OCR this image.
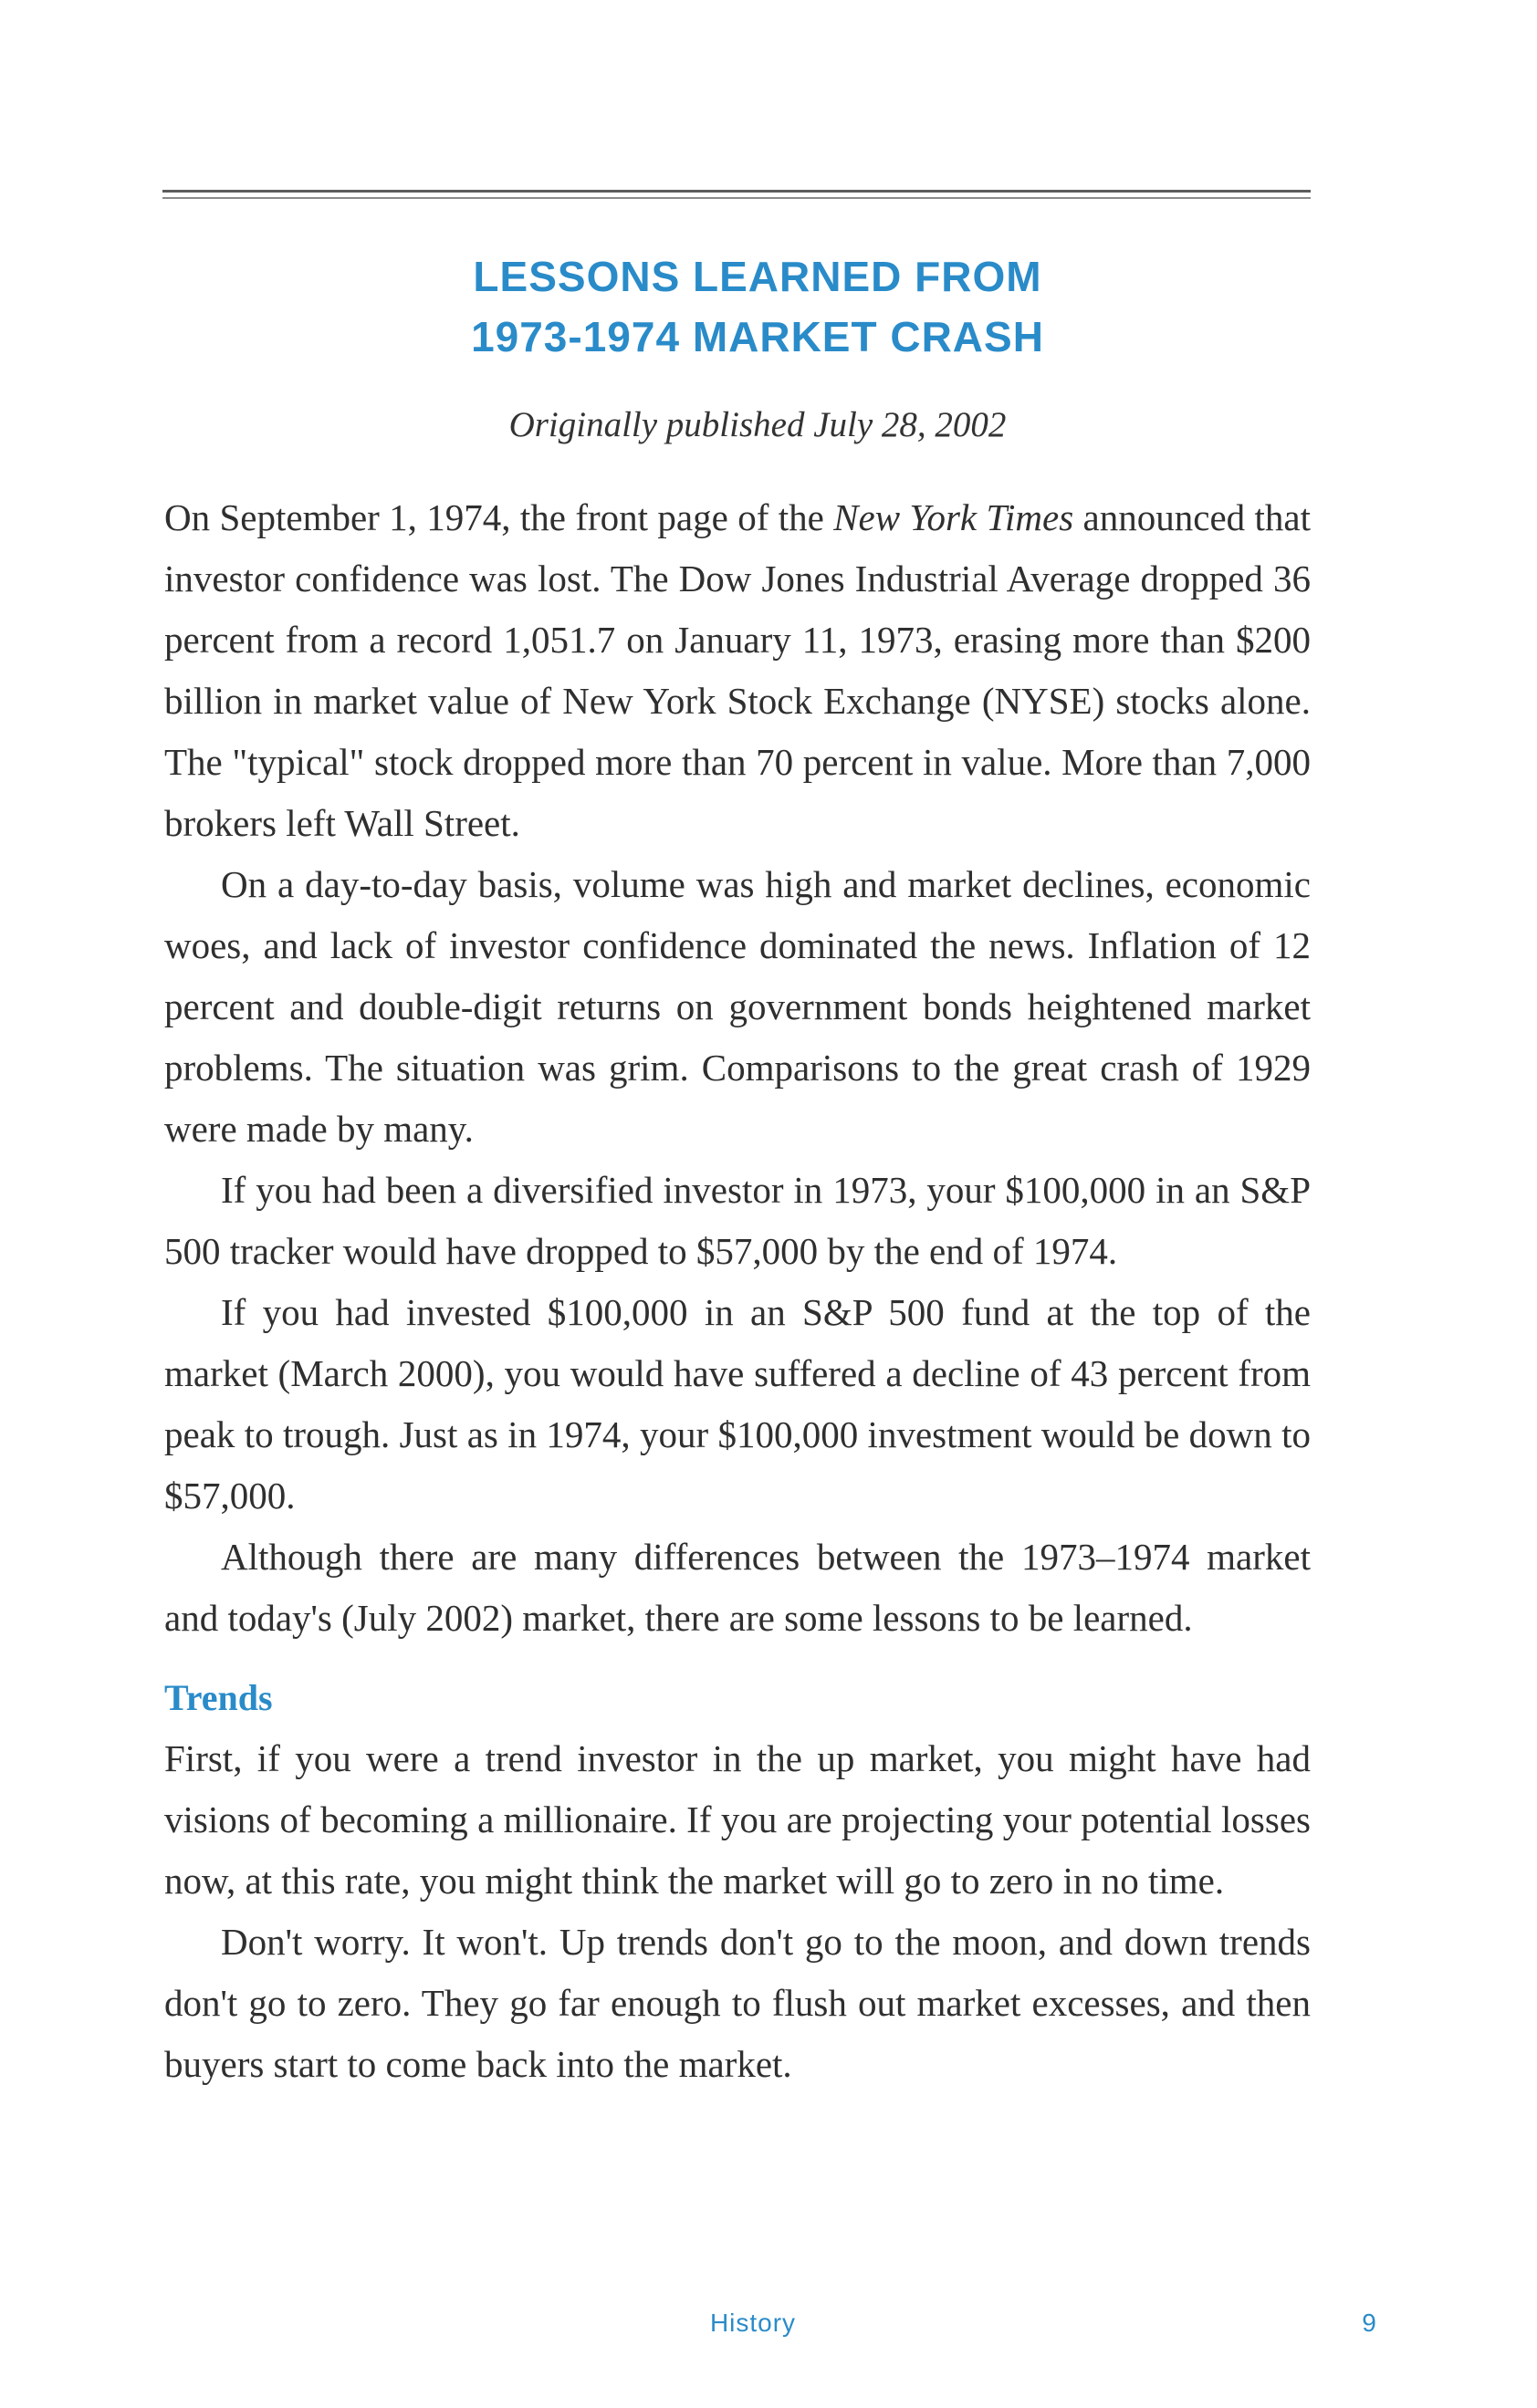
LESSONS LEARNED FROM
1973-1974 MARKET CRASH
Originally published July 28, 2002

On September 1, 1974, the front page of the New York Times announced that investor confidence was lost. The Dow Jones Industrial Average dropped 36 percent from a record 1,051.7 on January 11, 1973, erasing more than $200 billion in market value of New York Stock Exchange (NYSE) stocks alone. The "typical" stock dropped more than 70 percent in value. More than 7,000 brokers left Wall Street.

On a day-to-day basis, volume was high and market declines, economic woes, and lack of investor confidence dominated the news. Inflation of 12 percent and double-digit returns on government bonds heightened market problems. The situation was grim. Comparisons to the great crash of 1929 were made by many.

If you had been a diversified investor in 1973, your $100,000 in an S&P 500 tracker would have dropped to $57,000 by the end of 1974.

If you had invested $100,000 in an S&P 500 fund at the top of the market (March 2000), you would have suffered a decline of 43 percent from peak to trough. Just as in 1974, your $100,000 investment would be down to $57,000.

Although there are many differences between the 1973–1974 market and today's (July 2002) market, there are some lessons to be learned.

Trends

First, if you were a trend investor in the up market, you might have had visions of becoming a millionaire. If you are projecting your potential losses now, at this rate, you might think the market will go to zero in no time.

Don't worry. It won't. Up trends don't go to the moon, and down trends don't go to zero. They go far enough to flush out market excesses, and then buyers start to come back into the market.

History	9
